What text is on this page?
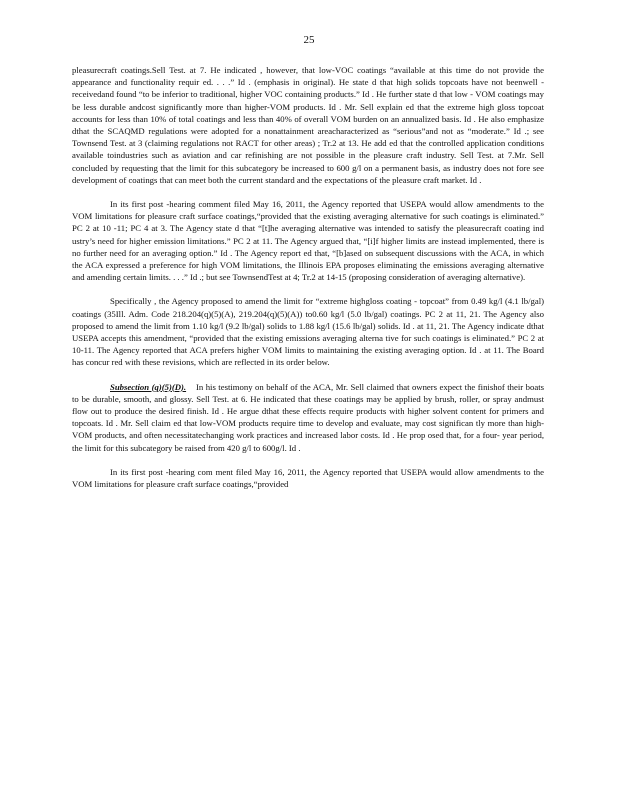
25

pleasurecraft coatings.Sell Test. at 7. He indicated , however, that low-VOC coatings “available at this time do not provide the appearance and functionality requir ed. . . .” Id . (emphasis in original). He state d that high solids topcoats have not beenwell -receivedand found “to be inferior to traditional, higher VOC containing products.” Id . He further state d that low - VOM coatings may be less durable andcost significantly more than higher-VOM products. Id . Mr. Sell explain ed that the extreme high gloss topcoat accounts for less than 10% of total coatings and less than 40% of overall VOM burden on an annualized basis. Id . He also emphasize dthat the SCAQMD regulations were adopted for a nonattainment areacharacterized as “serious”and not as “moderate.” Id .; see Townsend Test. at 3 (claiming regulations not RACT for other areas) ; Tr.2 at 13. He add ed that the controlled application conditions available toindustries such as aviation and car refinishing are not possible in the pleasure craft industry. Sell Test. at 7.Mr. Sell concluded by requesting that the limit for this subcategory be increased to 600 g/l on a permanent basis, as industry does not fore see development of coatings that can meet both the current standard and the expectations of the pleasure craft market. Id .

In its first post -hearing comment filed May 16, 2011, the Agency reported that USEPA would allow amendments to the VOM limitations for pleasure craft surface coatings,“provided that the existing averaging alternative for such coatings is eliminated.” PC 2 at 10 -11; PC 4 at 3. The Agency state d that “[t]he averaging alternative was intended to satisfy the pleasurecraft coating ind ustry’s need for higher emission limitations.” PC 2 at 11. The Agency argued that, “[i]f higher limits are instead implemented, there is no further need for an averaging option.” Id . The Agency report ed that, “[b]ased on subsequent discussions with the ACA, in which the ACA expressed a preference for high VOM limitations, the Illinois EPA proposes eliminating the emissions averaging alternative and amending certain limits. . . .” Id .; but see TownsendTest at 4; Tr.2 at 14-15 (proposing consideration of averaging alternative).

Specifically , the Agency proposed to amend the limit for “extreme highgloss coating - topcoat” from 0.49 kg/l (4.1 lb/gal) coatings (35Ill. Adm. Code 218.204(q)(5)(A), 219.204(q)(5)(A)) to0.60 kg/l (5.0 lb/gal) coatings. PC 2 at 11, 21. The Agency also proposed to amend the limit from 1.10 kg/l (9.2 lb/gal) solids to 1.88 kg/l (15.6 lb/gal) solids. Id . at 11, 21. The Agency indicate dthat USEPA accepts this amendment, “provided that the existing emissions averaging alterna tive for such coatings is eliminated.” PC 2 at 10-11. The Agency reported that ACA prefers higher VOM limits to maintaining the existing averaging option. Id . at 11. The Board has concur red with these revisions, which are reflected in its order below.

Subsection (q)(5)(D). In his testimony on behalf of the ACA, Mr. Sell claimed that owners expect the finishof their boats to be durable, smooth, and glossy. Sell Test. at 6. He indicated that these coatings may be applied by brush, roller, or spray andmust flow out to produce the desired finish. Id . He argue dthat these effects require products with higher solvent content for primers and topcoats. Id . Mr. Sell claim ed that low-VOM products require time to develop and evaluate, may cost significan tly more than high-VOM products, and often necessitatechanging work practices and increased labor costs. Id . He prop osed that, for a four- year period, the limit for this subcategory be raised from 420 g/l to 600g/l. Id .

In its first post -hearing com ment filed May 16, 2011, the Agency reported that USEPA would allow amendments to the VOM limitations for pleasure craft surface coatings,“provided
